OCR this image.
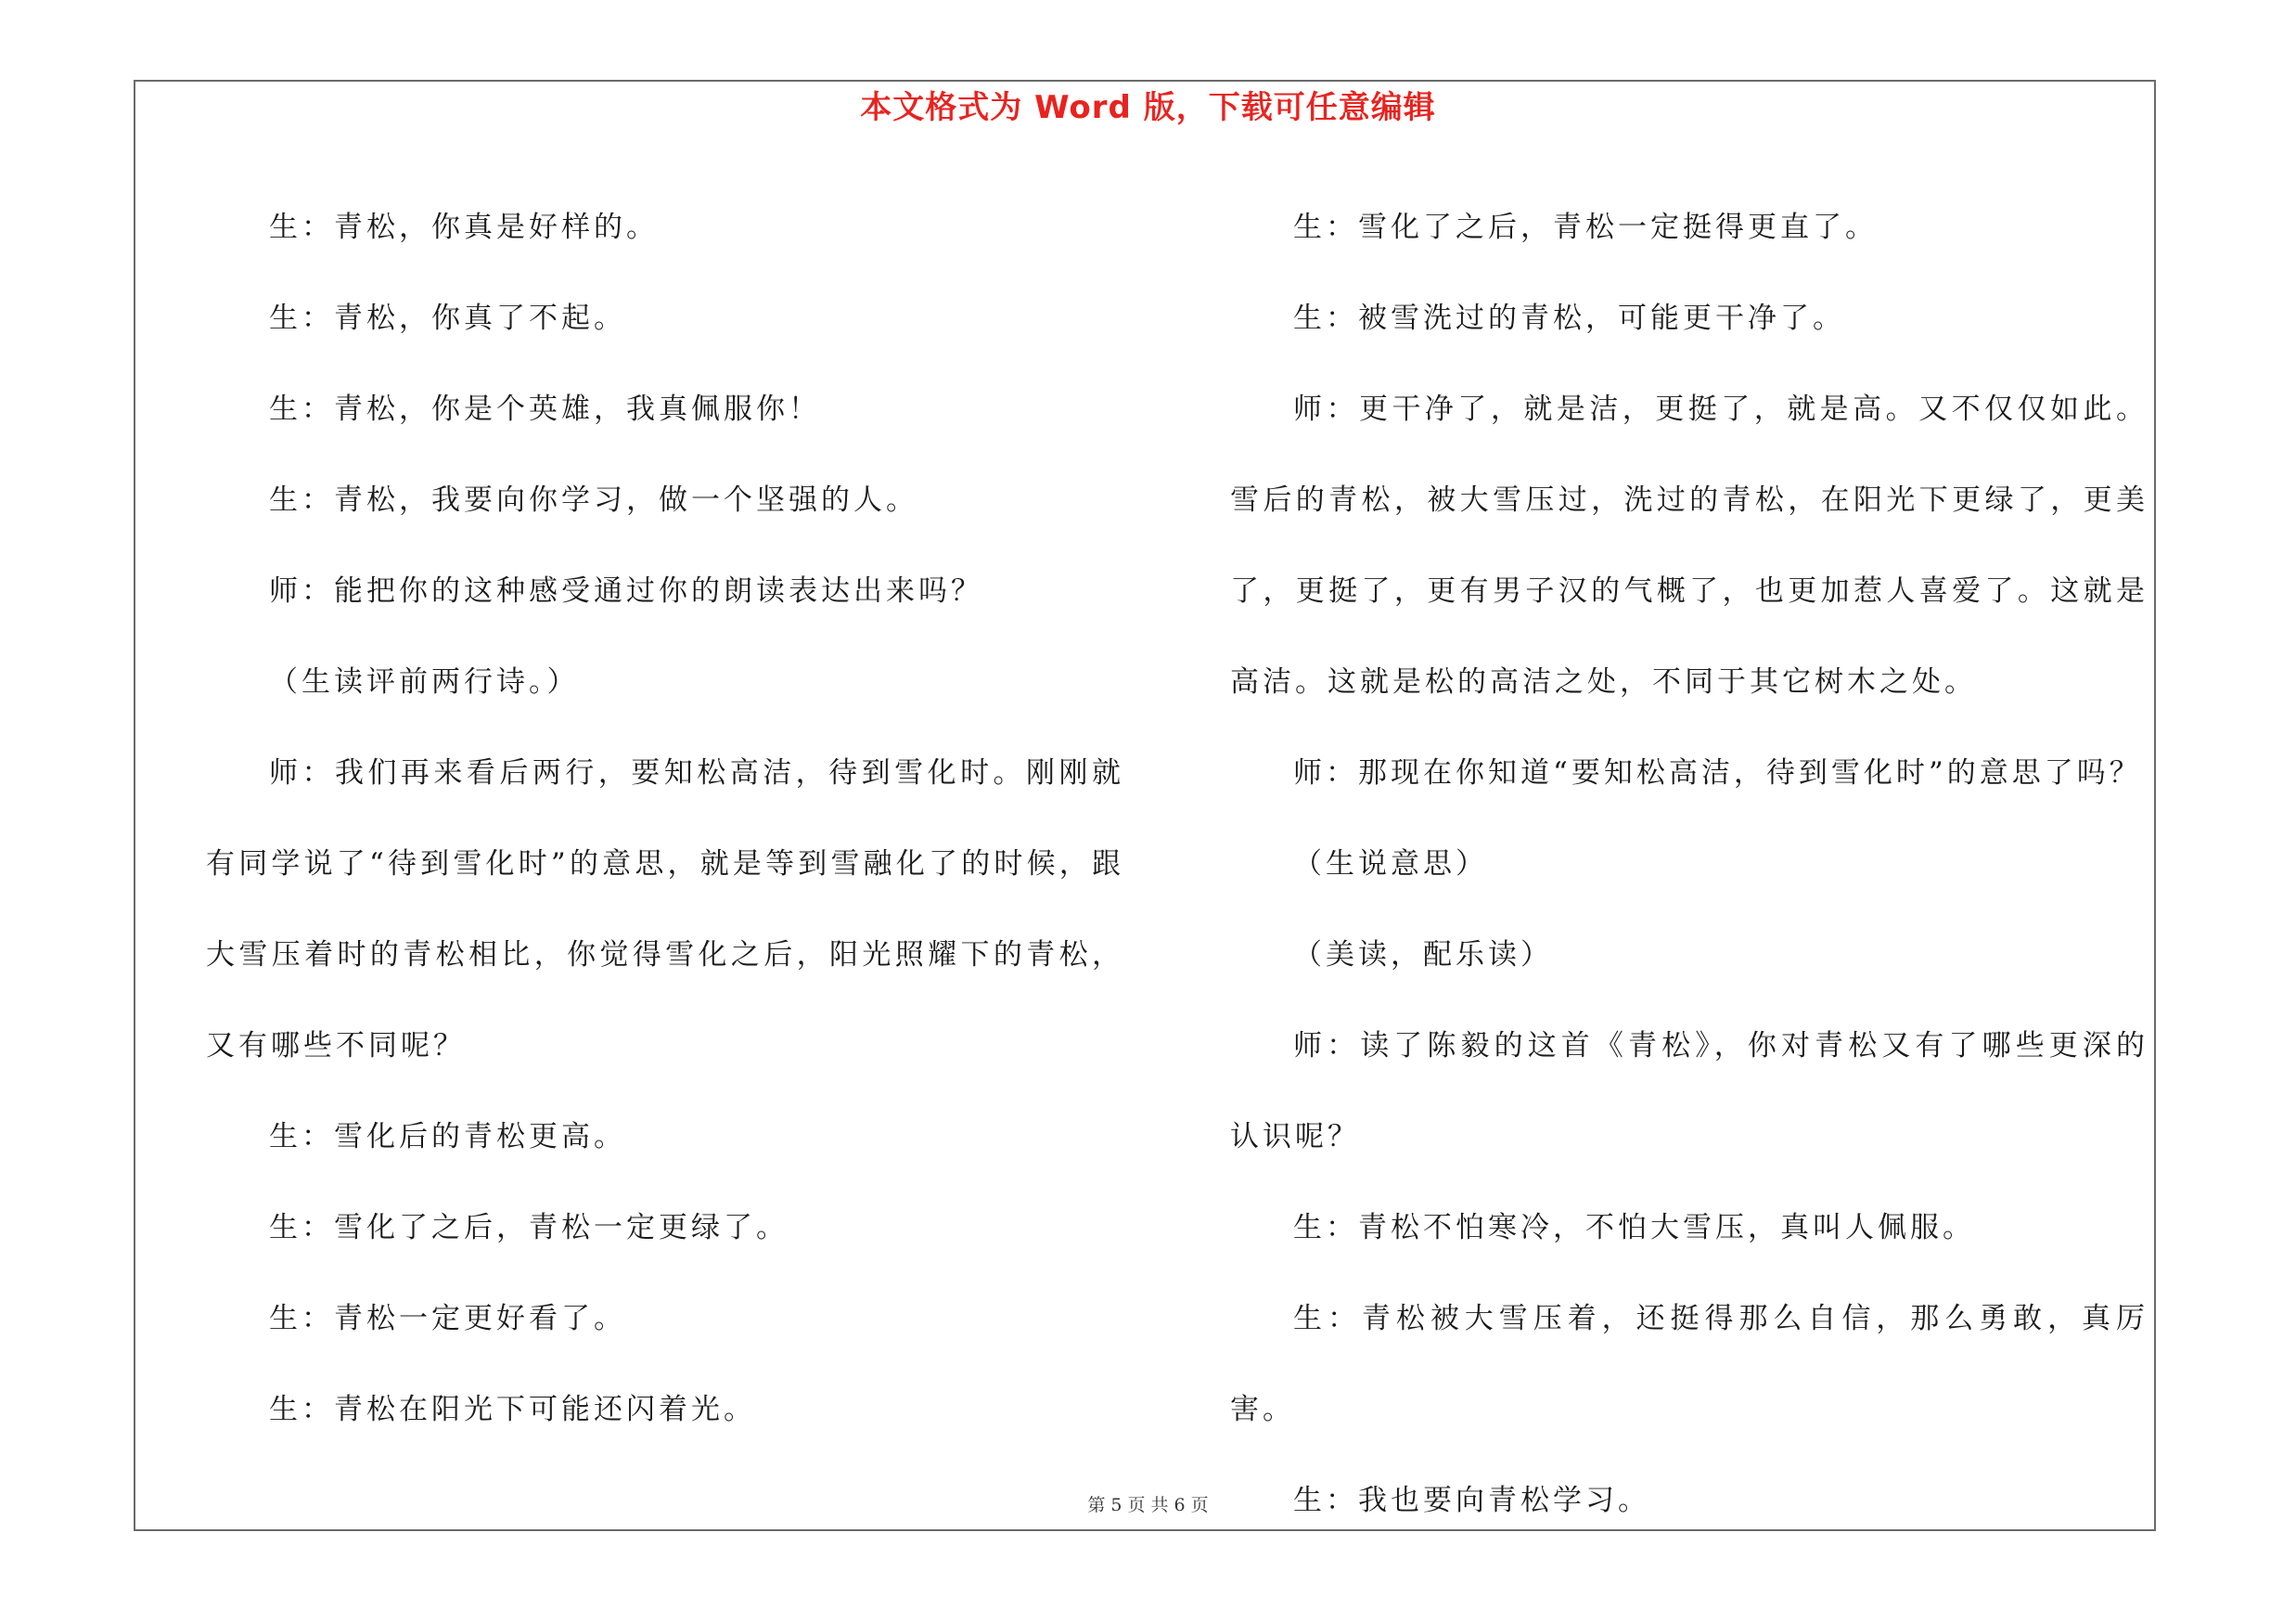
本文格式为 Word 版，下载可任意编辑

生：青松，你真是好样的。

生：青松，你真了不起。

生：青松，你是个英雄，我真佩服你！

生：青松，我要向你学习，做一个坚强的人。

师：能把你的这种感受通过你的朗读表达出来吗？

（生读评前两行诗。）

师：我们再来看后两行，要知松高洁，待到雪化时。刚刚就有同学说了“待到雪化时”的意思，就是等到雪融化了的时候，跟大雪压着时的青松相比，你觉得雪化之后，阳光照耀下的青松，又有哪些不同呢？

生：雪化后的青松更高。

生：雪化了之后，青松一定更绿了。

生：青松一定更好看了。

生：青松在阳光下可能还闪着光。

生：雪化了之后，青松一定挺得更直了。

生：被雪洗过的青松，可能更干净了。

师：更干净了，就是洁，更挺了，就是高。又不仅仅如此。雪后的青松，被大雪压过，洗过的青松，在阳光下更绿了，更美了，更挺了，更有男子汉的气概了，也更加惹人喜爱了。这就是高洁。这就是松的高洁之处，不同于其它树木之处。

师：那现在你知道“要知松高洁，待到雪化时”的意思了吗？

（生说意思）

（美读，配乐读）

师：读了陈毅的这首《青松》，你对青松又有了哪些更深的认识呢？

生：青松不怕寒冷，不怕大雪压，真叫人佩服。

生：青松被大雪压着，还挺得那么自信，那么勇敢，真厉害。

生：我也要向青松学习。

第 5 页 共 6 页
